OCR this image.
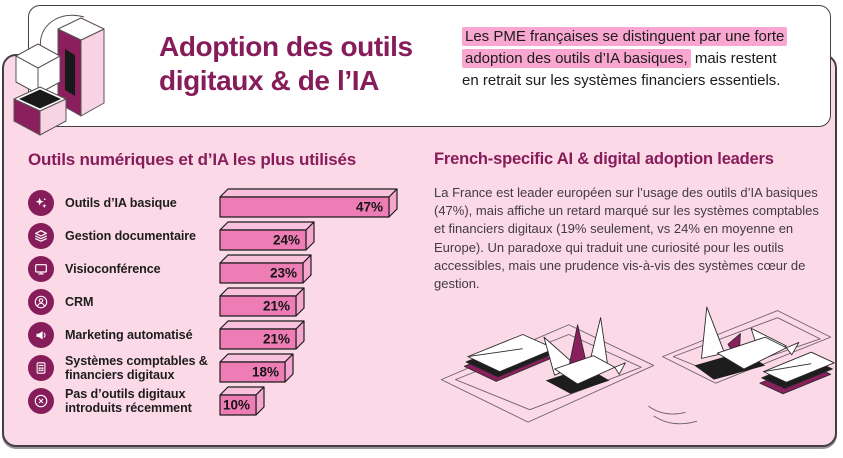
Adoption des outils digitaux & de l’IA

Les PME françaises se distinguent par une forte adoption des outils d’IA basiques, mais restent en retrait sur les systèmes financiers essentiels.

Outils numériques et d’IA les plus utilisés
Outils d’IA basique	47%
Gestion documentaire	24%
Visioconférence	23%
CRM	21%
Marketing automatisé	21%
Systèmes comptables & financiers digitaux	18%
Pas d’outils digitaux introduits récemment	10%
French-specific AI & digital adoption leaders

La France est leader européen sur l’usage des outils d’IA basiques (47%), mais affiche un retard marqué sur les systèmes comptables et financiers digitaux (19% seulement, vs 24% en moyenne en Europe). Un paradoxe qui traduit une curiosité pour les outils accessibles, mais une prudence vis-à-vis des systèmes cœur de gestion.
